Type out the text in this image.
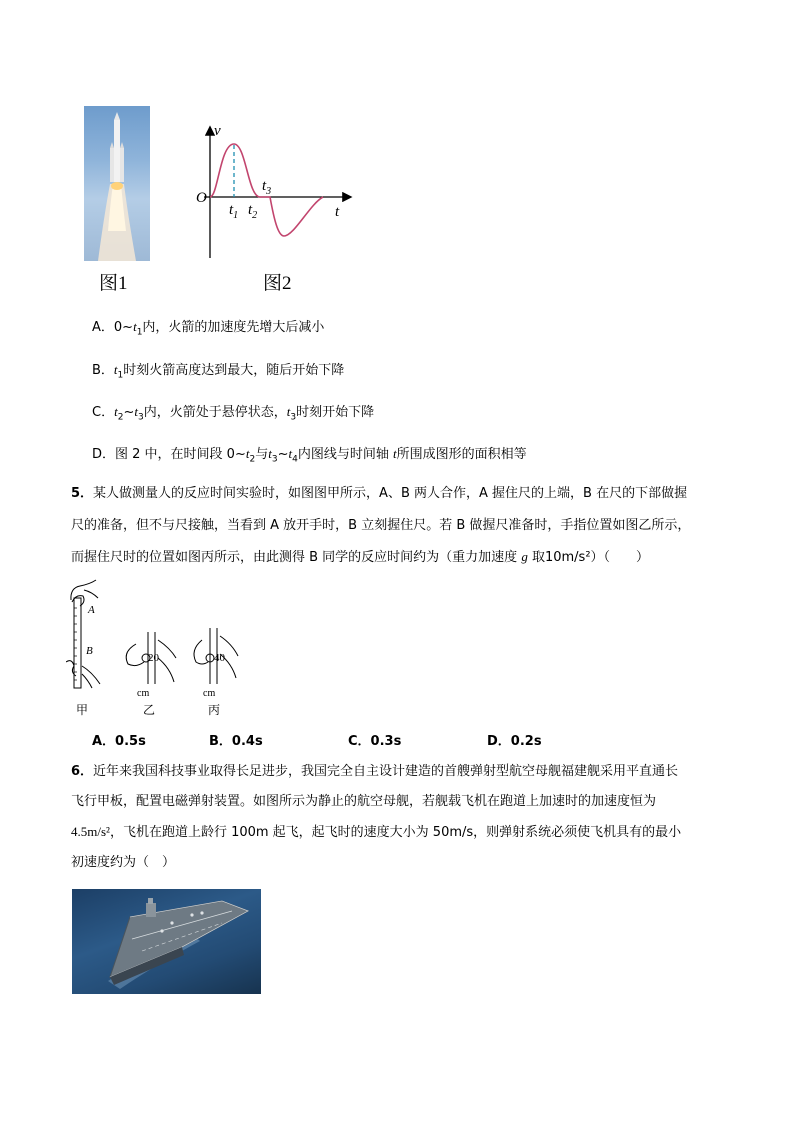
图1
v
O
t
$t_1$ $t_2$
$t_3$
图2
A．$0\sim t_1$内，火箭的加速度先增大后减小
B．$t_1$时刻火箭高度达到最大，随后开始下降
C．$t_2\sim t_3$内，火箭处于悬停状态，$t_3$时刻开始下降
D．图 2 中，在时间段 $0\sim t_2$与$t_3\sim t_4$内图线与时间轴 t所围成图形的面积相等
5．某人做测量人的反应时间实验时，如图图甲所示，A、B 两人合作，A 握住尺的上端，B 在尺的下部做握
尺的准备，但不与尺接触，当看到 A 放开手时，B 立刻握住尺。若 B 做握尺准备时，手指位置如图乙所示，
而握住尺时的位置如图丙所示，由此测得 B 同学的反应时间约为（重力加速度 g 取10m/s²）（　　）
A
B
20	40
cm	cm
甲	乙	丙
A．0.5s	B．0.4s	C．0.3s	D．0.2s
6．近年来我国科技事业取得长足进步，我国完全自主设计建造的首艘弹射型航空母舰福建舰采用平直通长
飞行甲板，配置电磁弹射装置。如图所示为静止的航空母舰，若舰载飞机在跑道上加速时的加速度恒为
4.5m/s²，飞机在跑道上龄行 100m 起飞，起飞时的速度大小为 50m/s，则弹射系统必须使飞机具有的最小
初速度约为（　）
